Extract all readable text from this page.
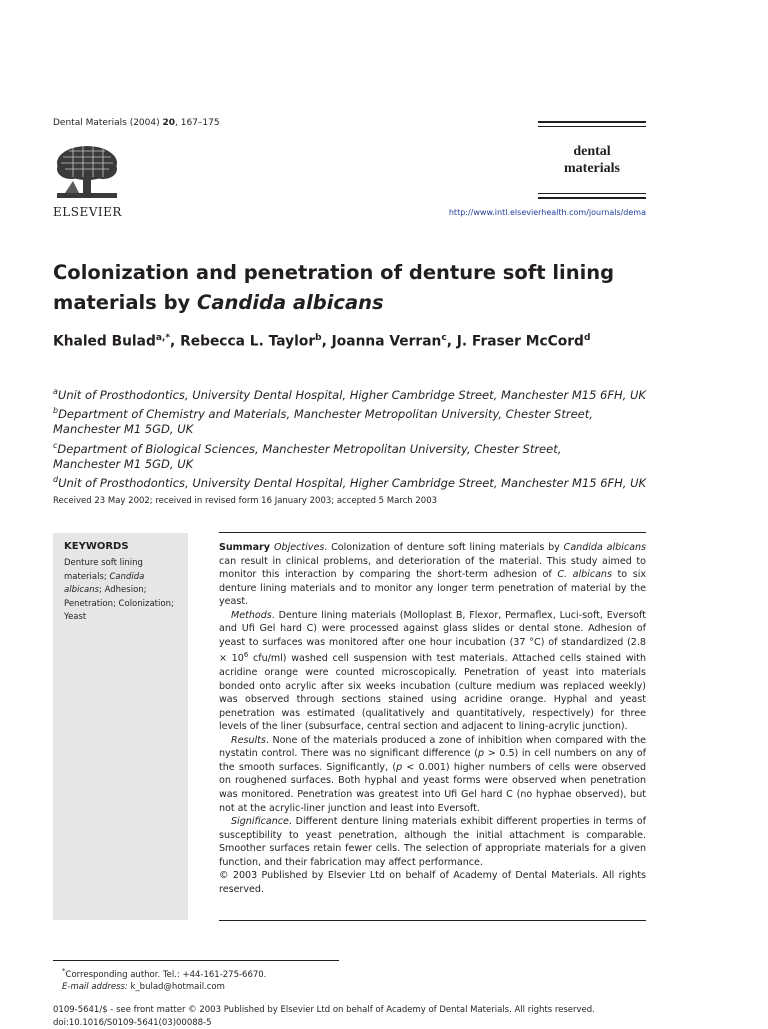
Dental Materials (2004) 20, 167–175
ELSEVIER
dental
materials
http://www.intl.elsevierhealth.com/journals/dema
Colonization and penetration of denture soft lining
materials by Candida albicans
Khaled Bulad$^{a,*}$, Rebecca L. Taylor$^b$, Joanna Verran$^c$, J. Fraser McCord$^d$
$^a$Unit of Prosthodontics, University Dental Hospital, Higher Cambridge Street, Manchester M15 6FH, UK
$^b$Department of Chemistry and Materials, Manchester Metropolitan University, Chester Street,
Manchester M1 5GD, UK
$^c$Department of Biological Sciences, Manchester Metropolitan University, Chester Street,
Manchester M1 5GD, UK
$^d$Unit of Prosthodontics, University Dental Hospital, Higher Cambridge Street, Manchester M15 6FH, UK
Received 23 May 2002; received in revised form 16 January 2003; accepted 5 March 2003
KEYWORDS
Denture soft lining materials; Candida albicans; Adhesion; Penetration; Colonization; Yeast

Summary Objectives. Colonization of denture soft lining materials by Candida albicans can result in clinical problems, and deterioration of the material. This study aimed to monitor this interaction by comparing the short-term adhesion of C. albicans to six denture lining materials and to monitor any longer term penetration of material by the yeast.

Methods. Denture lining materials (Molloplast B, Flexor, Permaflex, Luci-soft, Eversoft and Ufi Gel hard C) were processed against glass slides or dental stone. Adhesion of yeast to surfaces was monitored after one hour incubation (37 °C) of standardized ($2.8 \times 10^6$ cfu/ml) washed cell suspension with test materials. Attached cells stained with acridine orange were counted microscopically. Penetration of yeast into materials bonded onto acrylic after six weeks incubation (culture medium was replaced weekly) was observed through sections stained using acridine orange. Hyphal and yeast penetration was estimated (qualitatively and quantitatively, respectively) for three levels of the liner (subsurface, central section and adjacent to lining-acrylic junction).

Results. None of the materials produced a zone of inhibition when compared with the nystatin control. There was no significant difference (p > 0.5) in cell numbers on any of the smooth surfaces. Significantly, (p < 0.001) higher numbers of cells were observed on roughened surfaces. Both hyphal and yeast forms were observed when penetration was monitored. Penetration was greatest into Ufi Gel hard C (no hyphae observed), but not at the acrylic-liner junction and least into Eversoft.

Significance. Different denture lining materials exhibit different properties in terms of susceptibility to yeast penetration, although the initial attachment is comparable. Smoother surfaces retain fewer cells. The selection of appropriate materials for a given function, and their fabrication may affect performance.

© 2003 Published by Elsevier Ltd on behalf of Academy of Dental Materials. All rights reserved.

*Corresponding author. Tel.: +44-161-275-6670.
E-mail address: k_bulad@hotmail.com
0109-5641/$ - see front matter © 2003 Published by Elsevier Ltd on behalf of Academy of Dental Materials. All rights reserved.
doi:10.1016/S0109-5641(03)00088-5
